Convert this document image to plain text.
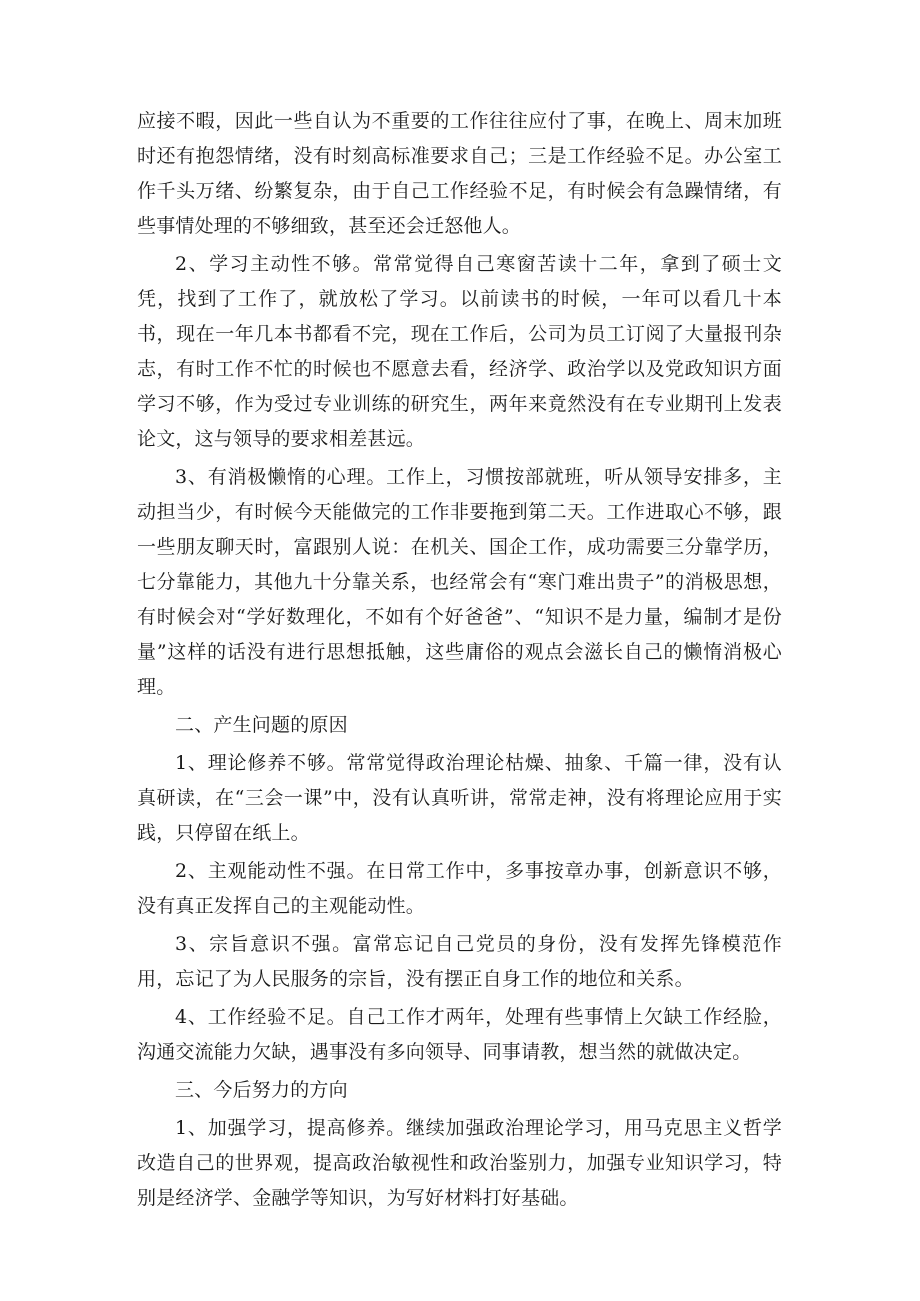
应接不暇，因此一些自认为不重要的工作往往应付了事，在晚上、周末加班时还有抱怨情绪，没有时刻高标准要求自己；三是工作经验不足。办公室工作千头万绪、纷繁复杂，由于自己工作经验不足，有时候会有急躁情绪，有些事情处理的不够细致，甚至还会迁怒他人。

2、学习主动性不够。常常觉得自己寒窗苦读十二年，拿到了硕士文凭，找到了工作了，就放松了学习。以前读书的时候，一年可以看几十本书，现在一年几本书都看不完，现在工作后，公司为员工订阅了大量报刊杂志，有时工作不忙的时候也不愿意去看，经济学、政治学以及党政知识方面学习不够，作为受过专业训练的研究生，两年来竟然没有在专业期刊上发表论文，这与领导的要求相差甚远。

3、有消极懒惰的心理。工作上，习惯按部就班，听从领导安排多，主动担当少，有时候今天能做完的工作非要拖到第二天。工作进取心不够，跟一些朋友聊天时，富跟别人说：在机关、国企工作，成功需要三分靠学历，七分靠能力，其他九十分靠关系，也经常会有“寒门难出贵子”的消极思想，有时候会对“学好数理化，不如有个好爸爸”、“知识不是力量，编制才是份量”这样的话没有进行思想抵触，这些庸俗的观点会滋长自己的懒惰消极心理。

二、产生问题的原因

1、理论修养不够。常常觉得政治理论枯燥、抽象、千篇一律，没有认真研读，在“三会一课”中，没有认真听讲，常常走神，没有将理论应用于实践，只停留在纸上。

2、主观能动性不强。在日常工作中，多事按章办事，创新意识不够，没有真正发挥自己的主观能动性。

3、宗旨意识不强。富常忘记自己党员的身份，没有发挥先锋模范作用，忘记了为人民服务的宗旨，没有摆正自身工作的地位和关系。

4、工作经验不足。自己工作才两年，处理有些事情上欠缺工作经脸，沟通交流能力欠缺，遇事没有多向领导、同事请教，想当然的就做决定。

三、今后努力的方向

1、加强学习，提高修养。继续加强政治理论学习，用马克思主义哲学改造自己的世界观，提高政治敏视性和政治鉴别力，加强专业知识学习，特别是经济学、金融学等知识，为写好材料打好基础。
